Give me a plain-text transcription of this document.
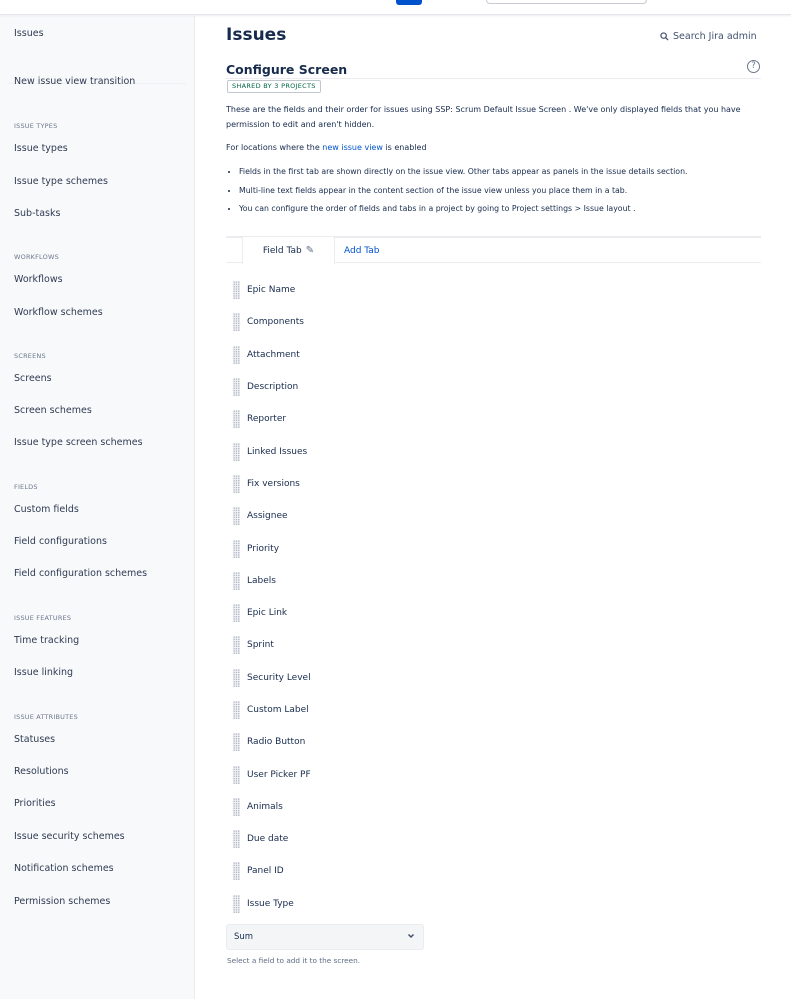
Issues
New issue view transition
ISSUE TYPES
Issue types
Issue type schemes
Sub-tasks
WORKFLOWS
Workflows
Workflow schemes
SCREENS
Screens
Screen schemes
Issue type screen schemes
FIELDS
Custom fields
Field configurations
Field configuration schemes
ISSUE FEATURES
Time tracking
Issue linking
ISSUE ATTRIBUTES
Statuses
Resolutions
Priorities
Issue security schemes
Notification schemes
Permission schemes
Issues	Search Jira admin
Configure Screen	?
SHARED BY 3 PROJECTS

These are the fields and their order for issues using SSP: Scrum Default Issue Screen . We've only displayed fields that you have permission to edit and aren't hidden.

For locations where the new issue view is enabled

• Fields in the first tab are shown directly on the issue view. Other tabs appear as panels in the issue details section.
• Multi-line text fields appear in the content section of the issue view unless you place them in a tab.
• You can configure the order of fields and tabs in a project by going to Project settings > Issue layout .
Field Tab ✎	Add Tab
Epic Name
Components
Attachment
Description
Reporter
Linked Issues
Fix versions
Assignee
Priority
Labels
Epic Link
Sprint
Security Level
Custom Label
Radio Button
User Picker PF
Animals
Due date
Panel ID
Issue Type
Sum
Select a field to add it to the screen.
